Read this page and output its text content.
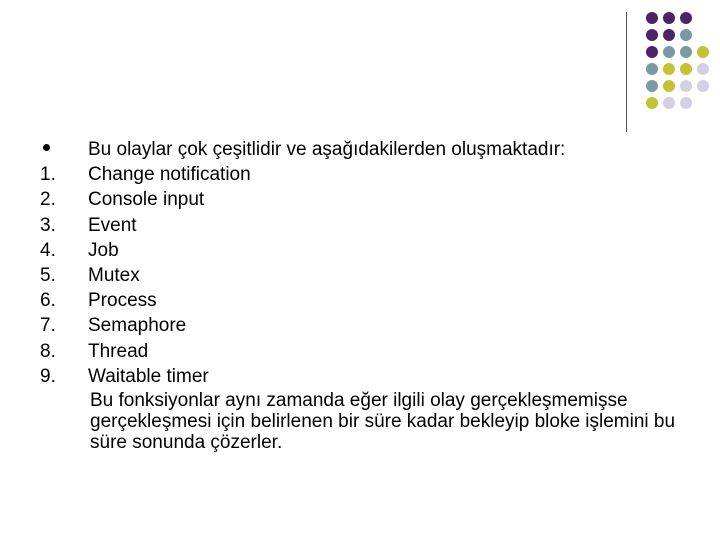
Bu olaylar çok çeşitlidir ve aşağıdakilerden oluşmaktadır:
1.	Change notification
2.	Console input
3.	Event
4.	Job
5.	Mutex
6.	Process
7.	Semaphore
8.	Thread
9.	Waitable timer
Bu fonksiyonlar aynı zamanda eğer ilgili olay gerçekleşmemişse gerçekleşmesi için belirlenen bir süre kadar bekleyip bloke işlemini bu süre sonunda çözerler.
